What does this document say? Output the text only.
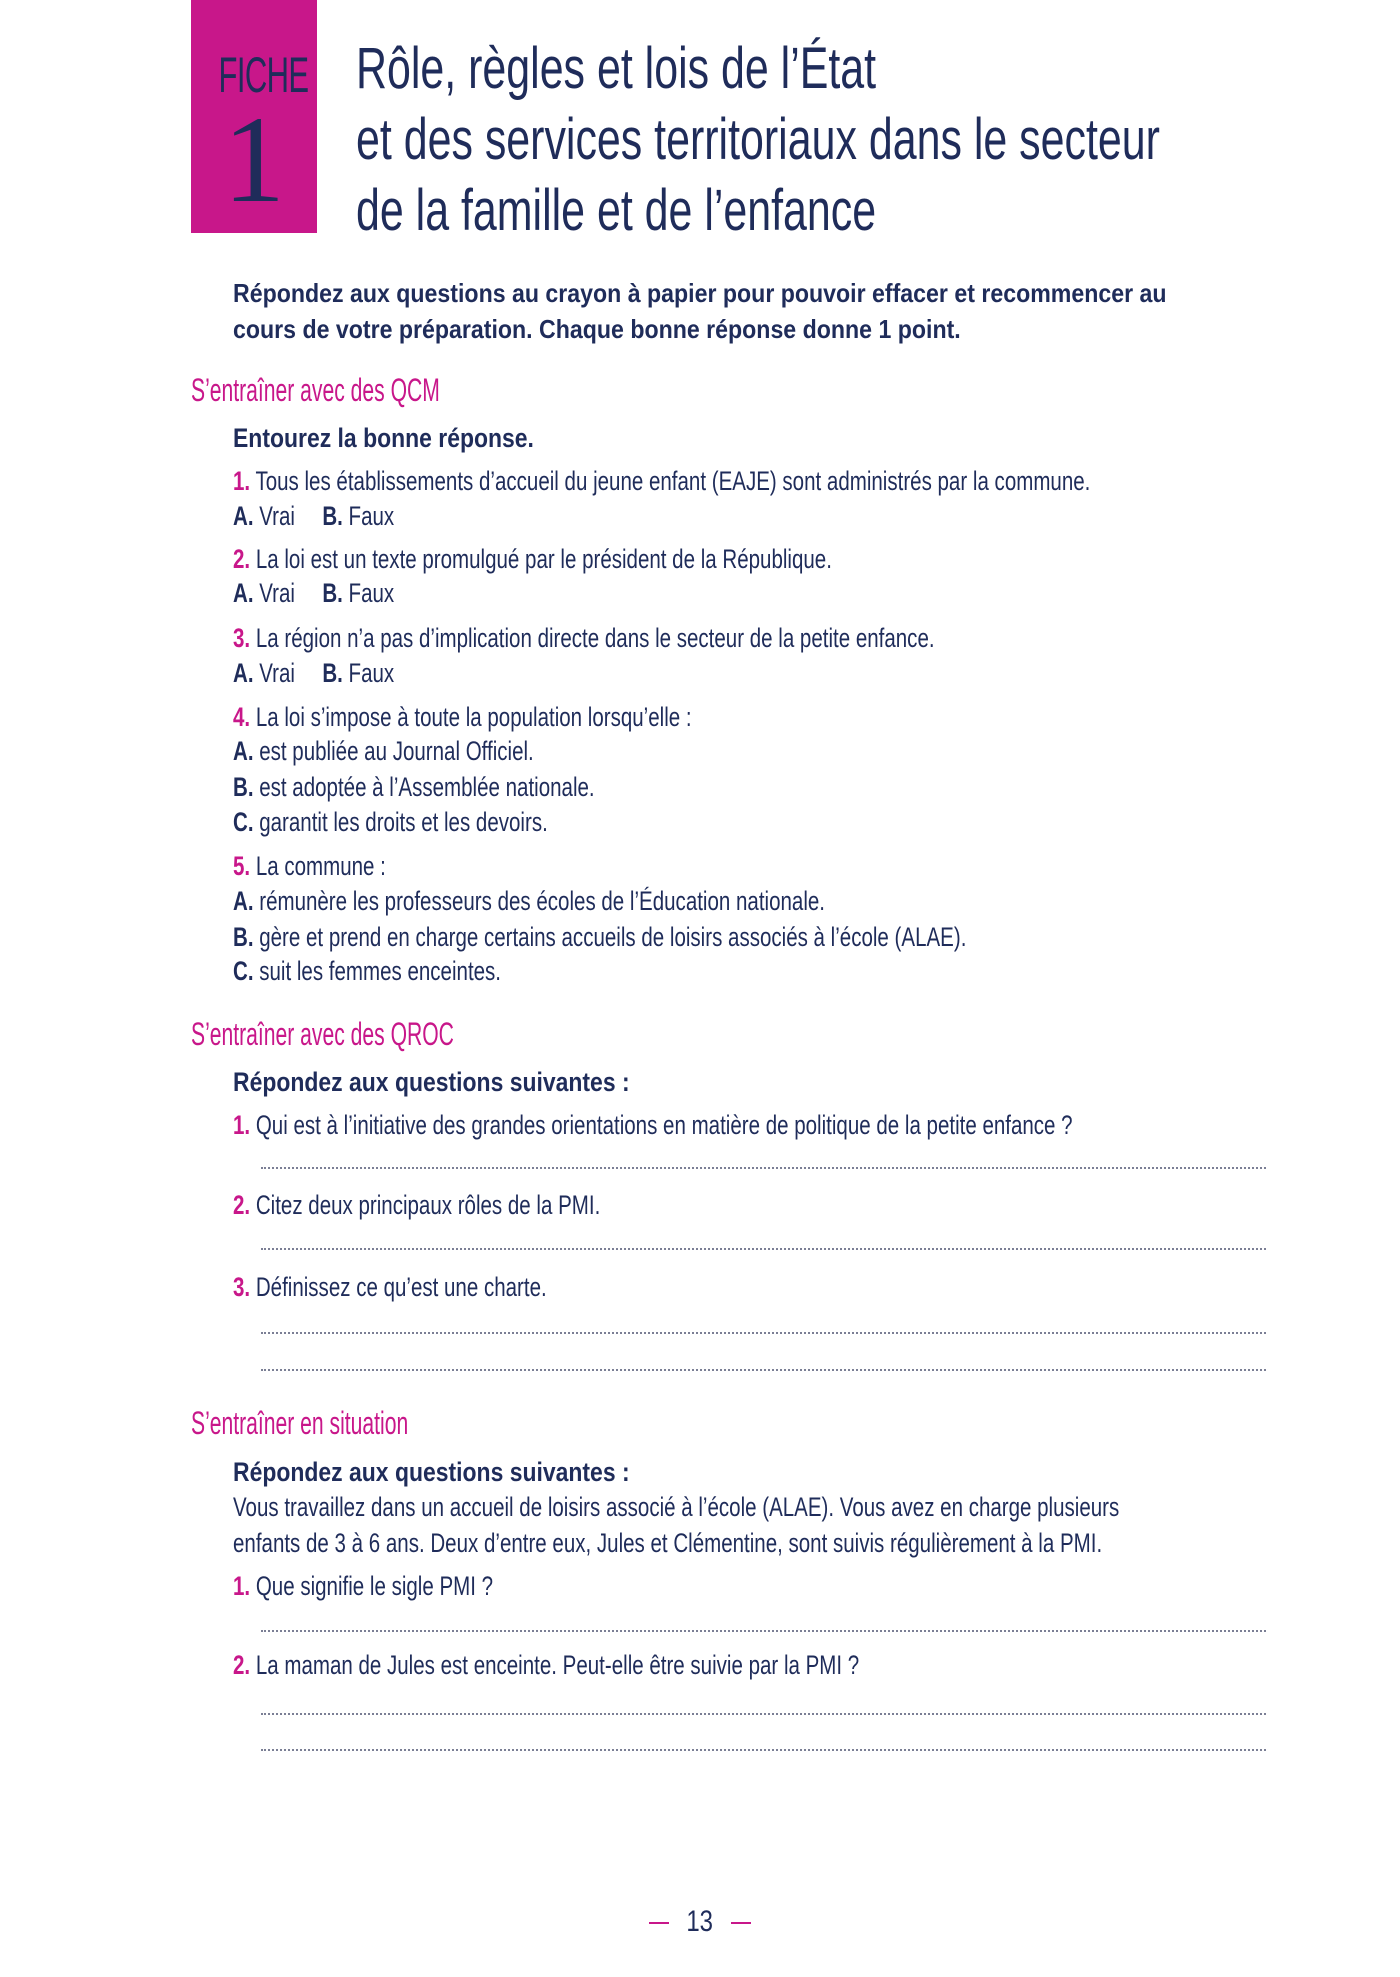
FICHE
1
Rôle, règles et lois de l’État
et des services territoriaux dans le secteur
de la famille et de l’enfance
Répondez aux questions au crayon à papier pour pouvoir effacer et recommencer au
cours de votre préparation. Chaque bonne réponse donne 1 point.
S’entraîner avec des QCM
Entourez la bonne réponse.
1. Tous les établissements d’accueil du jeune enfant (EAJE) sont administrés par la commune.
A. Vrai B. Faux
2. La loi est un texte promulgué par le président de la République.
A. Vrai B. Faux
3. La région n’a pas d’implication directe dans le secteur de la petite enfance.
A. Vrai B. Faux
4. La loi s’impose à toute la population lorsqu’elle :
A. est publiée au Journal Officiel.
B. est adoptée à l’Assemblée nationale.
C. garantit les droits et les devoirs.
5. La commune :
A. rémunère les professeurs des écoles de l’Éducation nationale.
B. gère et prend en charge certains accueils de loisirs associés à l’école (ALAE).
C. suit les femmes enceintes.
S’entraîner avec des QROC
Répondez aux questions suivantes :
1. Qui est à l’initiative des grandes orientations en matière de politique de la petite enfance ?
2. Citez deux principaux rôles de la PMI.
3. Définissez ce qu’est une charte.
S’entraîner en situation
Répondez aux questions suivantes :
Vous travaillez dans un accueil de loisirs associé à l’école (ALAE). Vous avez en charge plusieurs
enfants de 3 à 6 ans. Deux d’entre eux, Jules et Clémentine, sont suivis régulièrement à la PMI.
1. Que signifie le sigle PMI ?
2. La maman de Jules est enceinte. Peut-elle être suivie par la PMI ?
13
